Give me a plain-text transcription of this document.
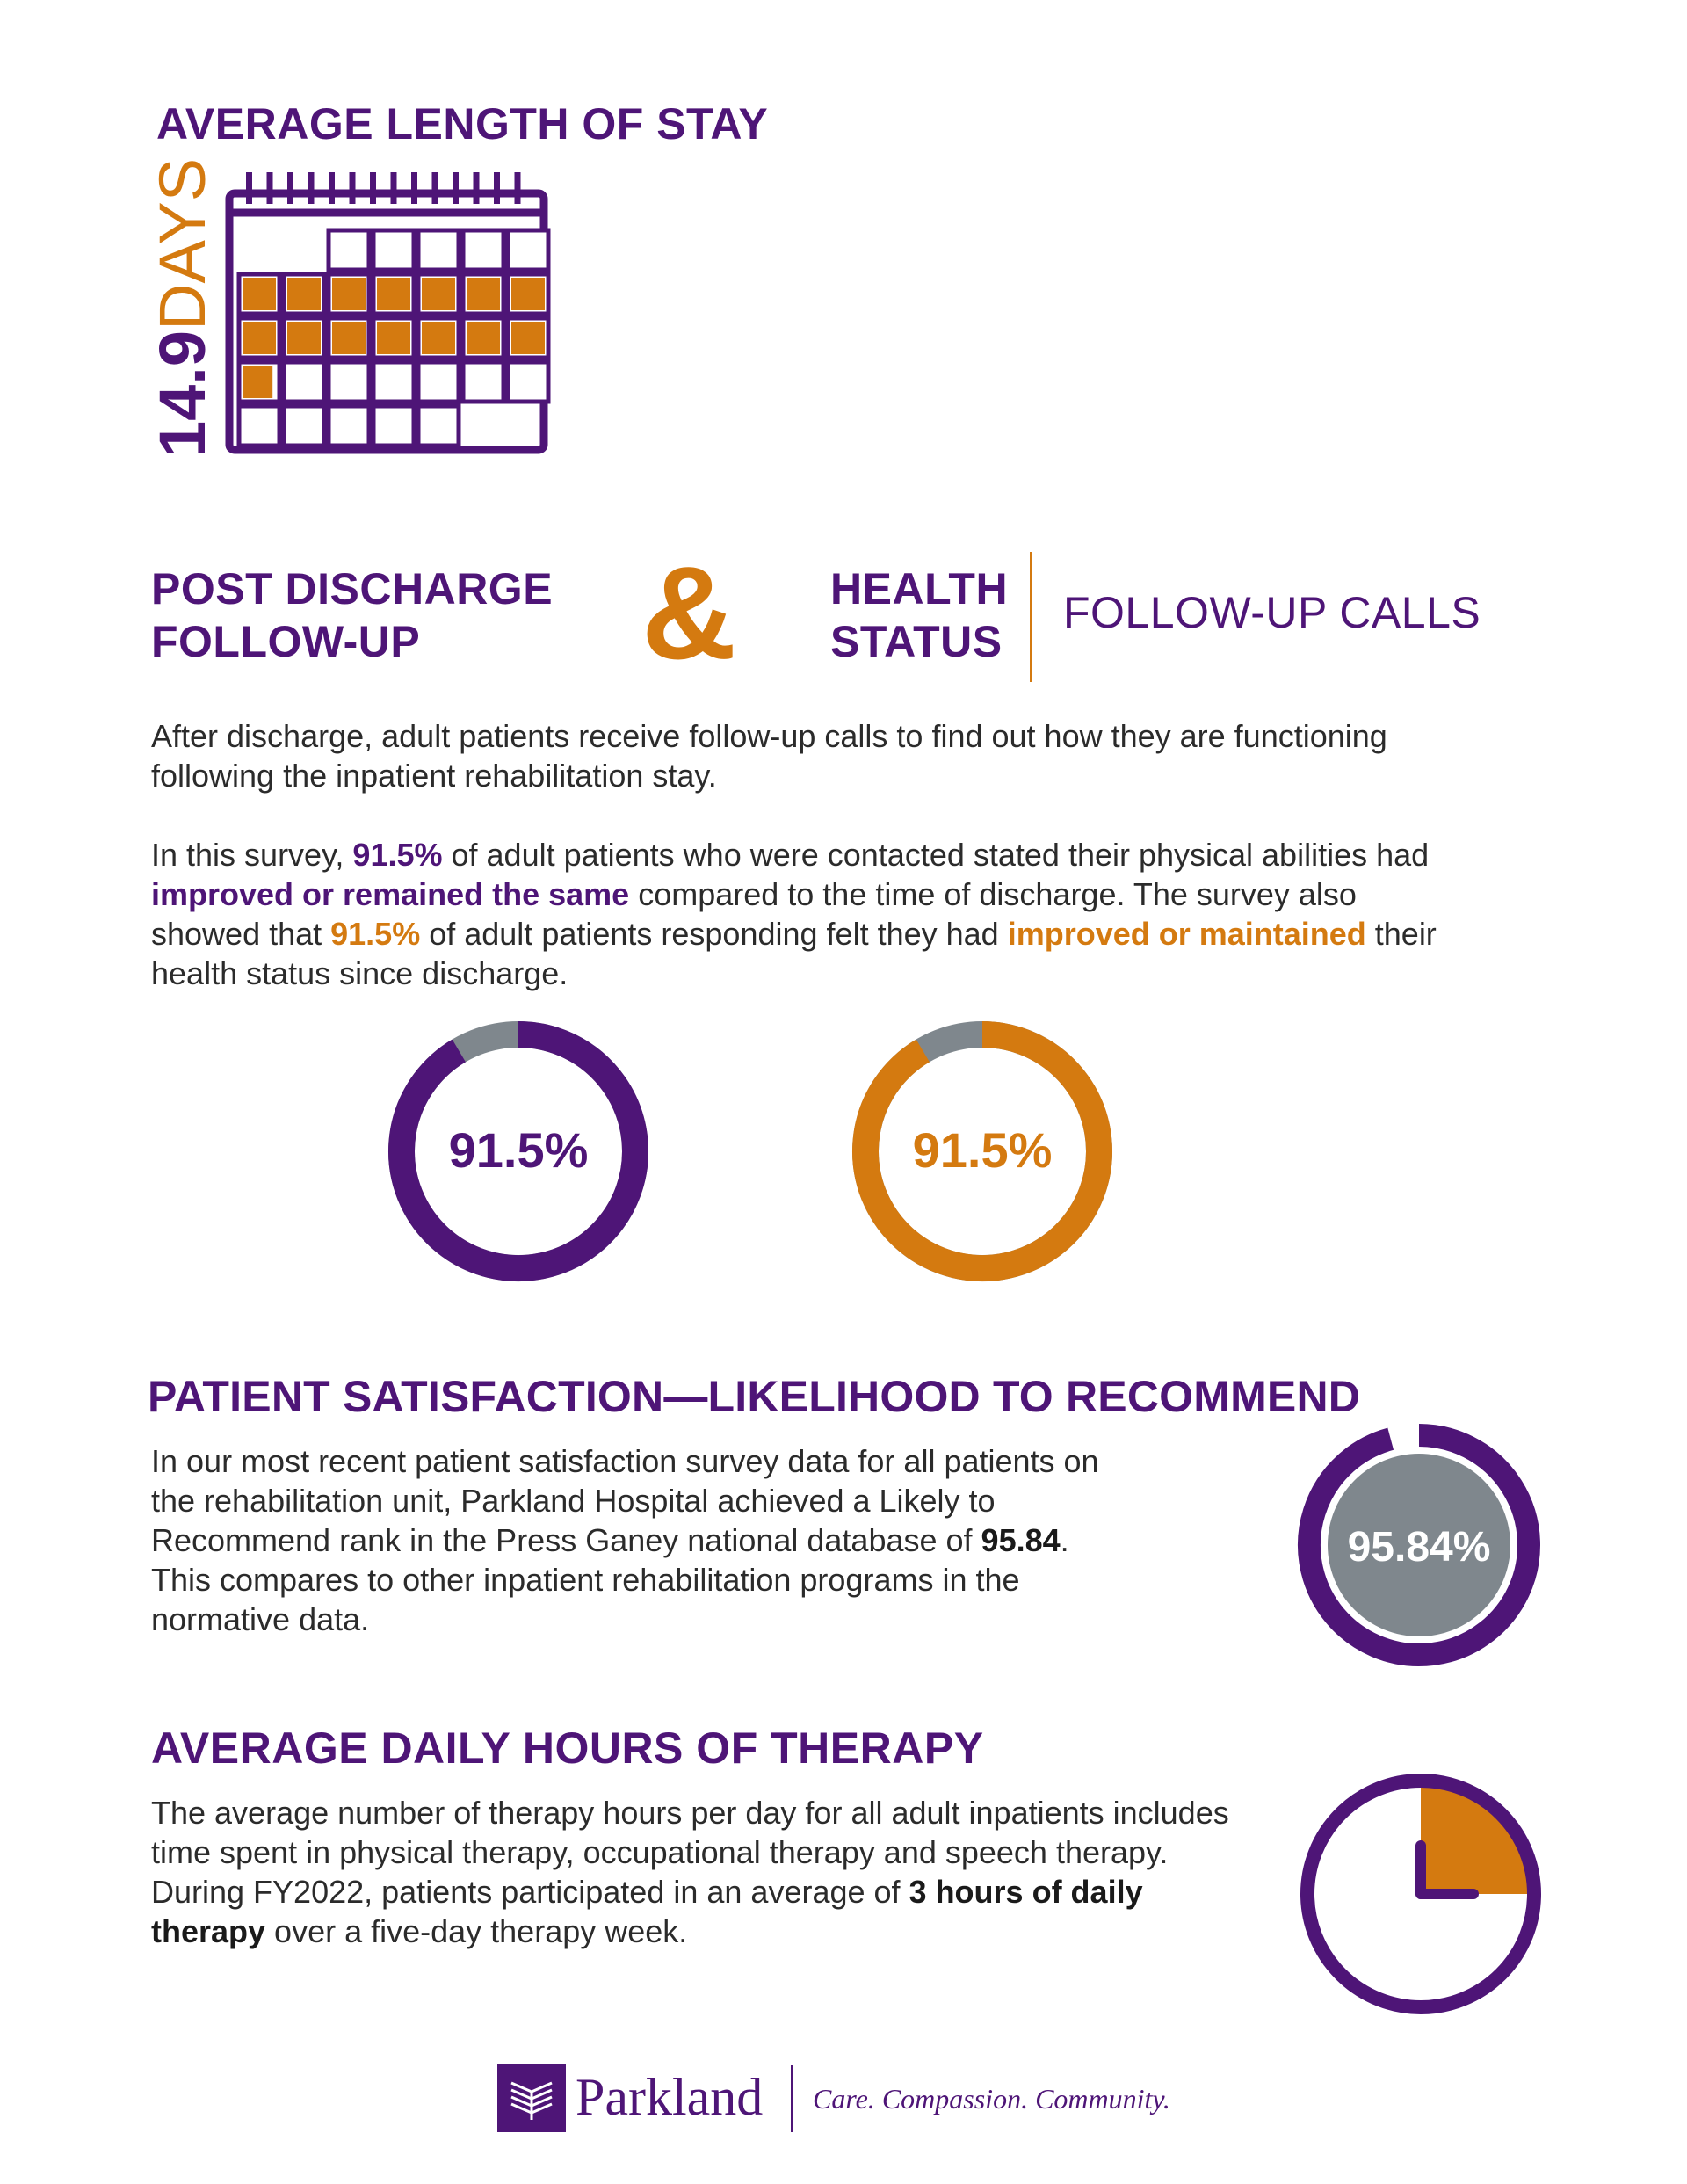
AVERAGE LENGTH OF STAY
14.9DAYS
POST DISCHARGE
FOLLOW-UP	& HEALTH
STATUS
FOLLOW-UP CALLS
After discharge, adult patients receive follow-up calls to find out how they are functioning following the inpatient rehabilitation stay.
In this survey, 91.5% of adult patients who were contacted stated their physical abilities had improved or remained the same compared to the time of discharge. The survey also showed that 91.5% of adult patients responding felt they had improved or maintained their health status since discharge.
91.5%	91.5%
PATIENT SATISFACTION—LIKELIHOOD TO RECOMMEND
In our most recent patient satisfaction survey data for all patients on the rehabilitation unit, Parkland Hospital achieved a Likely to Recommend rank in the Press Ganey national database of 95.84. This compares to other inpatient rehabilitation programs in the normative data.
95.84%
AVERAGE DAILY HOURS OF THERAPY
The average number of therapy hours per day for all adult inpatients includes time spent in physical therapy, occupational therapy and speech therapy. During FY2022, patients participated in an average of 3 hours of daily therapy over a five-day therapy week.
Parkland Care. Compassion. Community.
